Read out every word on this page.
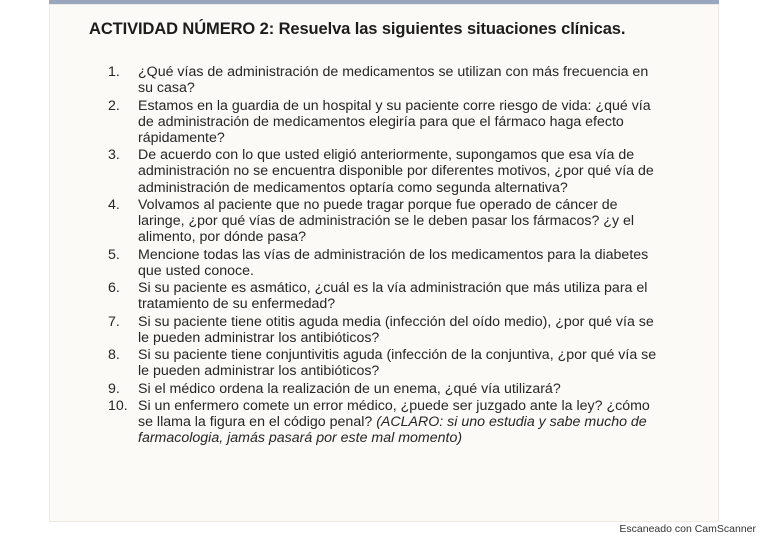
ACTIVIDAD NÚMERO 2: Resuelva las siguientes situaciones clínicas.
1.	¿Qué vías de administración de medicamentos se utilizan con más frecuencia en su casa?
2.	Estamos en la guardia de un hospital y su paciente corre riesgo de vida: ¿qué vía de administración de medicamentos elegiría para que el fármaco haga efecto rápidamente?
3.	De acuerdo con lo que usted eligió anteriormente, supongamos que esa vía de administración no se encuentra disponible por diferentes motivos, ¿por qué vía de administración de medicamentos optaría como segunda alternativa?
4.	Volvamos al paciente que no puede tragar porque fue operado de cáncer de laringe, ¿por qué vías de administración se le deben pasar los fármacos? ¿y el alimento, por dónde pasa?
5.	Mencione todas las vías de administración de los medicamentos para la diabetes que usted conoce.
6.	Si su paciente es asmático, ¿cuál es la vía administración que más utiliza para el tratamiento de su enfermedad?
7.	Si su paciente tiene otitis aguda media (infección del oído medio), ¿por qué vía se le pueden administrar los antibióticos?
8.	Si su paciente tiene conjuntivitis aguda (infección de la conjuntiva, ¿por qué vía se le pueden administrar los antibióticos?
9.	Si el médico ordena la realización de un enema, ¿qué vía utilizará?
10. Si un enfermero comete un error médico, ¿puede ser juzgado ante la ley? ¿cómo se llama la figura en el código penal? (ACLARO: si uno estudia y sabe mucho de farmacologia, jamás pasará por este mal momento)
Escaneado con CamScanner
